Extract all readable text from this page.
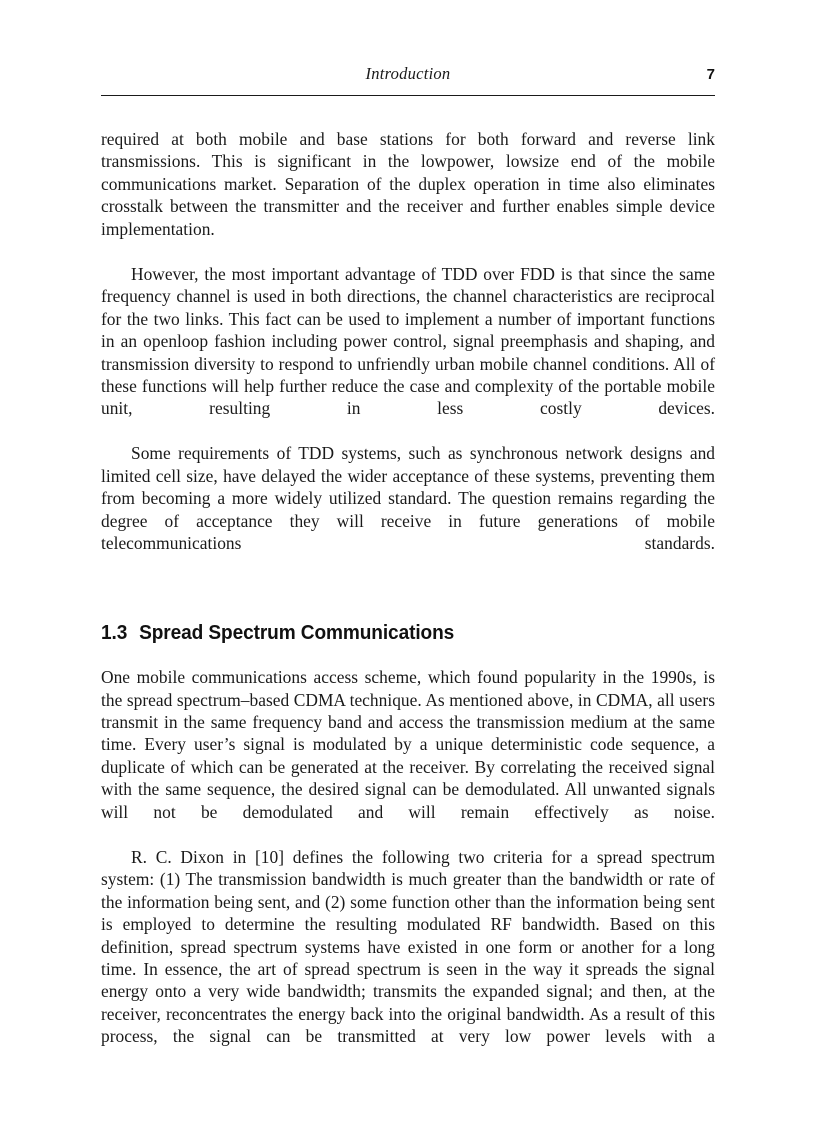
Introduction	7

required at both mobile and base stations for both forward and reverse link transmissions. This is significant in the lowpower, lowsize end of the mobile communications market. Separation of the duplex operation in time also eliminates crosstalk between the transmitter and the receiver and further enables simple device implementation.

However, the most important advantage of TDD over FDD is that since the same frequency channel is used in both directions, the channel characteristics are reciprocal for the two links. This fact can be used to implement a number of important functions in an openloop fashion including power control, signal preemphasis and shaping, and transmission diversity to respond to unfriendly urban mobile channel conditions. All of these functions will help further reduce the case and complexity of the portable mobile unit, resulting in less costly devices.

Some requirements of TDD systems, such as synchronous network designs and limited cell size, have delayed the wider acceptance of these systems, preventing them from becoming a more widely utilized standard. The question remains regarding the degree of acceptance they will receive in future generations of mobile telecommunications standards.

1.3 Spread Spectrum Communications

One mobile communications access scheme, which found popularity in the 1990s, is the spread spectrum–based CDMA technique. As mentioned above, in CDMA, all users transmit in the same frequency band and access the transmission medium at the same time. Every user’s signal is modulated by a unique deterministic code sequence, a duplicate of which can be generated at the receiver. By correlating the received signal with the same sequence, the desired signal can be demodulated. All unwanted signals will not be demodulated and will remain effectively as noise.

R. C. Dixon in [10] defines the following two criteria for a spread spectrum system: (1) The transmission bandwidth is much greater than the bandwidth or rate of the information being sent, and (2) some function other than the information being sent is employed to determine the resulting modulated RF bandwidth. Based on this definition, spread spectrum systems have existed in one form or another for a long time. In essence, the art of spread spectrum is seen in the way it spreads the signal energy onto a very wide bandwidth; transmits the expanded signal; and then, at the receiver, reconcentrates the energy back into the original bandwidth. As a result of this process, the signal can be transmitted at very low power levels with a
